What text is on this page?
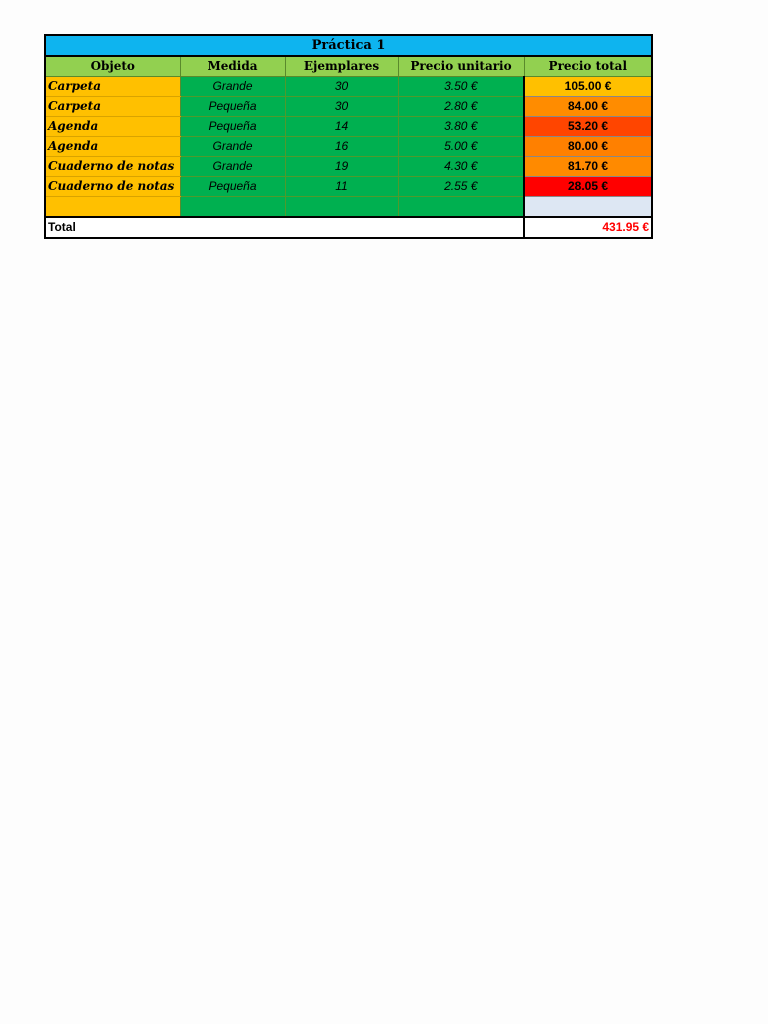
Práctica 1				
Objeto	Medida	Ejemplares	Precio unitario	Precio total
Carpeta	Grande	30	3.50 €	105.00 €
Carpeta	Pequeña	30	2.80 €	84.00 €
Agenda	Pequeña	14	3.80 €	53.20 €
Agenda	Grande	16	5.00 €	80.00 €
Cuaderno de notas	Grande	19	4.30 €	81.70 €
Cuaderno de notas	Pequeña	11	2.55 €	28.05 €

Total				431.95 €
